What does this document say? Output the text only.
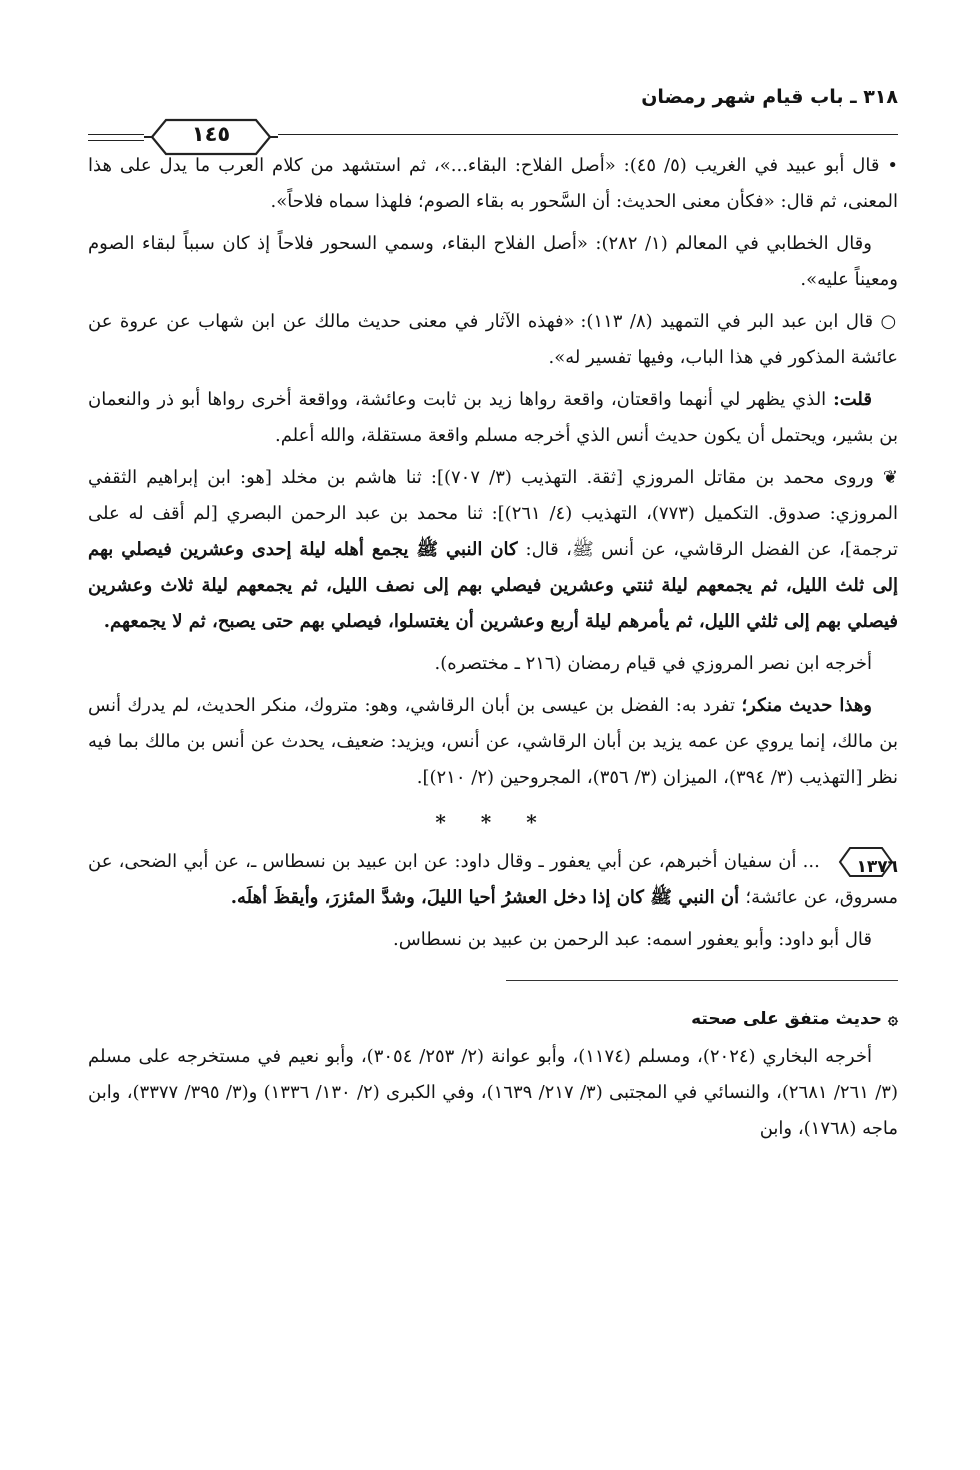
٣١٨ ـ باب قيام شهر رمضان
١٤٥

• قال أبو عبيد في الغريب (٥/ ٤٥): «أصل الفلاح: البقاء...»، ثم استشهد من كلام العرب ما يدل على هذا المعنى، ثم قال: «فكأن معنى الحديث: أن السَّحور به بقاء الصوم؛ فلهذا سماه فلاحاً».

وقال الخطابي في المعالم (١/ ٢٨٢): «أصل الفلاح البقاء، وسمي السحور فلاحاً إذ كان سبباً لبقاء الصوم ومعيناً عليه».

○ قال ابن عبد البر في التمهيد (٨/ ١١٣): «فهذه الآثار في معنى حديث مالك عن ابن شهاب عن عروة عن عائشة المذكور في هذا الباب، وفيها تفسير له».

قلت: الذي يظهر لي أنهما واقعتان، واقعة رواها زيد بن ثابت وعائشة، وواقعة أخرى رواها أبو ذر والنعمان بن بشير، ويحتمل أن يكون حديث أنس الذي أخرجه مسلم واقعة مستقلة، والله أعلم.

❦ وروى محمد بن مقاتل المروزي [ثقة. التهذيب (٣/ ٧٠٧)]: ثنا هاشم بن مخلد [هو: ابن إبراهيم الثقفي المروزي: صدوق. التكميل (٧٧٣)، التهذيب (٤/ ٢٦١)]: ثنا محمد بن عبد الرحمن البصري [لم أقف له على ترجمة]، عن الفضل الرقاشي، عن أنس ﷺ، قال: كان النبي ﷺ يجمع أهله ليلة إحدى وعشرين فيصلي بهم إلى ثلث الليل، ثم يجمعهم ليلة ثنتي وعشرين فيصلي بهم إلى نصف الليل، ثم يجمعهم ليلة ثلاث وعشرين فيصلي بهم إلى ثلثي الليل، ثم يأمرهم ليلة أربع وعشرين أن يغتسلوا، فيصلي بهم حتى يصبح، ثم لا يجمعهم.

أخرجه ابن نصر المروزي في قيام رمضان (٢١٦ ـ مختصره).

وهذا حديث منكر؛ تفرد به: الفضل بن عيسى بن أبان الرقاشي، وهو: متروك، منكر الحديث، لم يدرك أنس بن مالك، إنما يروي عن عمه يزيد بن أبان الرقاشي، عن أنس، ويزيد: ضعيف، يحدث عن أنس بن مالك بما فيه نظر [التهذيب (٣/ ٣٩٤)، الميزان (٣/ ٣٥٦)، المجروحين (٢/ ٢١٠)].

* * *

١٣٧٦
... أن سفيان أخبرهم، عن أبي يعفور ـ وقال داود: عن ابن عبيد بن نسطاس ـ، عن أبي الضحى، عن مسروق، عن عائشة؛ أن النبي ﷺ كان إذا دخل العشرُ أحيا الليلَ، وشدَّ المئزرَ، وأيقظَ أهلَه.

قال أبو داود: وأبو يعفور اسمه: عبد الرحمن بن عبيد بن نسطاس.

۞حديث متفق على صحته

أخرجه البخاري (٢٠٢٤)، ومسلم (١١٧٤)، وأبو عوانة (٢/ ٢٥٣/ ٣٠٥٤)، وأبو نعيم في مستخرجه على مسلم (٣/ ٢٦١/ ٢٦٨١)، والنسائي في المجتبى (٣/ ٢١٧/ ١٦٣٩)، وفي الكبرى (٢/ ١٣٠/ ١٣٣٦) و(٣/ ٣٩٥/ ٣٣٧٧)، وابن ماجه (١٧٦٨)، وابن
